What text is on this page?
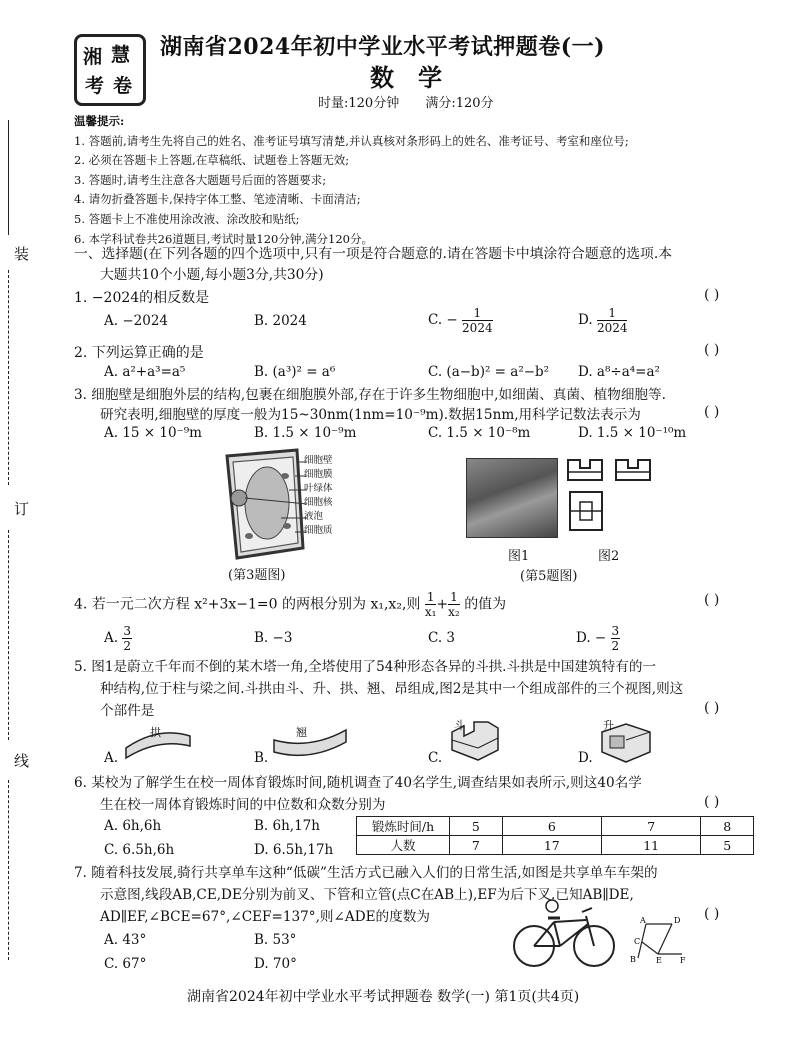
装
订
线
湘 慧
考 卷
湖南省2024年初中学业水平考试押题卷(一)
数学
时量:120分钟 满分:120分
温馨提示:
1. 答题前,请考生先将自己的姓名、准考证号填写清楚,并认真核对条形码上的姓名、准考证号、考室和座位号;
2. 必须在答题卡上答题,在草稿纸、试题卷上答题无效;
3. 答题时,请考生注意各大题题号后面的答题要求;
4. 请勿折叠答题卡,保持字体工整、笔迹清晰、卡面清洁;
5. 答题卡上不准使用涂改液、涂改胶和贴纸;
6. 本学科试卷共26道题目,考试时量120分钟,满分120分。
一、选择题(在下列各题的四个选项中,只有一项是符合题意的.请在答题卡中填涂符合题意的选项.本
大题共10个小题,每小题3分,共30分)
1. −2024的相反数是	( )
A. −2024	B. 2024	C. − $\frac{1}{2024}$	D. $\frac{1}{2024}$
2. 下列运算正确的是	( )
A. a²+a³=a⁵	B. (a³)² = a⁶	C. (a−b)² = a²−b² D. a⁸÷a⁴=a²
3. 细胞壁是细胞外层的结构,包裹在细胞膜外部,存在于许多生物细胞中,如细菌、真菌、植物细胞等.
研究表明,细胞壁的厚度一般为15~30nm(1nm=10⁻⁹m).数据15nm,用科学记数法表示为	( )
A. 15 × 10⁻⁹m	B. 1.5 × 10⁻⁹m	C. 1.5 × 10⁻⁸m	D. 1.5 × 10⁻¹⁰m
细胞壁
细胞膜
叶绿体
细胞核
液泡
细胞质
(第3题图)
图1	图2
(第5题图)
4. 若一元二次方程 x²+3x−1=0 的两根分别为 x₁,x₂,则 $\frac{1}{\text{x₁}} + \frac{1}{\text{x₂}}$ 的值为	( )
A. $\frac{3}{2}$	B. −3	C. 3	D. − $\frac{3}{2}$
5. 图1是蔚立千年而不倒的某木塔一角,全塔使用了54种形态各异的斗拱.斗拱是中国建筑特有的一
种结构,位于柱与梁之间.斗拱由斗、升、拱、翘、昂组成,图2是其中一个组成部件的三个视图,则这
个部件是	( )
A.
拱
B.
翘
C.
斗
D.
升
6. 某校为了解学生在校一周体育锻炼时间,随机调查了40名学生,调查结果如表所示,则这40名学
生在校一周体育锻炼时间的中位数和众数分别为	( )
A. 6h,6h	B. 6h,17h
C. 6.5h,6h	D. 6.5h,17h
锻炼时间/h	5	6	7	8
人数	7	17	11	5
7. 随着科技发展,骑行共享单车这种“低碳”生活方式已融入人们的日常生活,如图是共享单车车架的
示意图,线段AB,CE,DE分别为前叉、下管和立管(点C在AB上),EF为后下叉.已知AB∥DE,
AD∥EF,∠BCE=67°,∠CEF=137°,则∠ADE的度数为	( )
A. 43°	B. 53°
C. 67°	D. 70°
A	D
C
B	E F
湖南省2024年初中学业水平考试押题卷 数学(一) 第1页(共4页)
